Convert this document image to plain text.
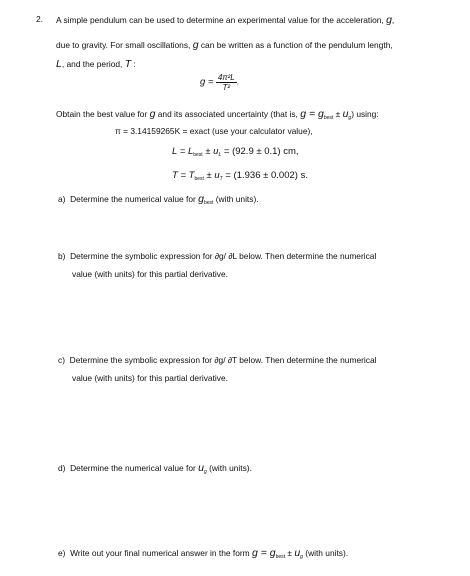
2. A simple pendulum can be used to determine an experimental value for the acceleration, g,
due to gravity. For small oscillations, g can be written as a function of the pendulum length,
L, and the period, T :
$g = \frac{\text{4π²L}}{\text{T²}}$ .
Obtain the best value for g and its associated uncertainty (that is, $g = g_{best} \pm u_g$) using:
π = 3.14159265K = exact (use your calculator value),
$L = L_{best} \pm u_L = (92.9 \pm 0.1)$ cm,
$T = T_{best} \pm u_T = (1.936 \pm 0.002)$ s.
a) Determine the numerical value for $g_{best}$ (with units).
b) Determine the symbolic expression for ∂g/ ∂L below. Then determine the numerical
value (with units) for this partial derivative.
c) Determine the symbolic expression for ∂g/ ∂T below. Then determine the numerical
value (with units) for this partial derivative.
d) Determine the numerical value for $u_g$ (with units).
e) Write out your final numerical answer in the form $g = g_{best} \pm u_g$ (with units).
